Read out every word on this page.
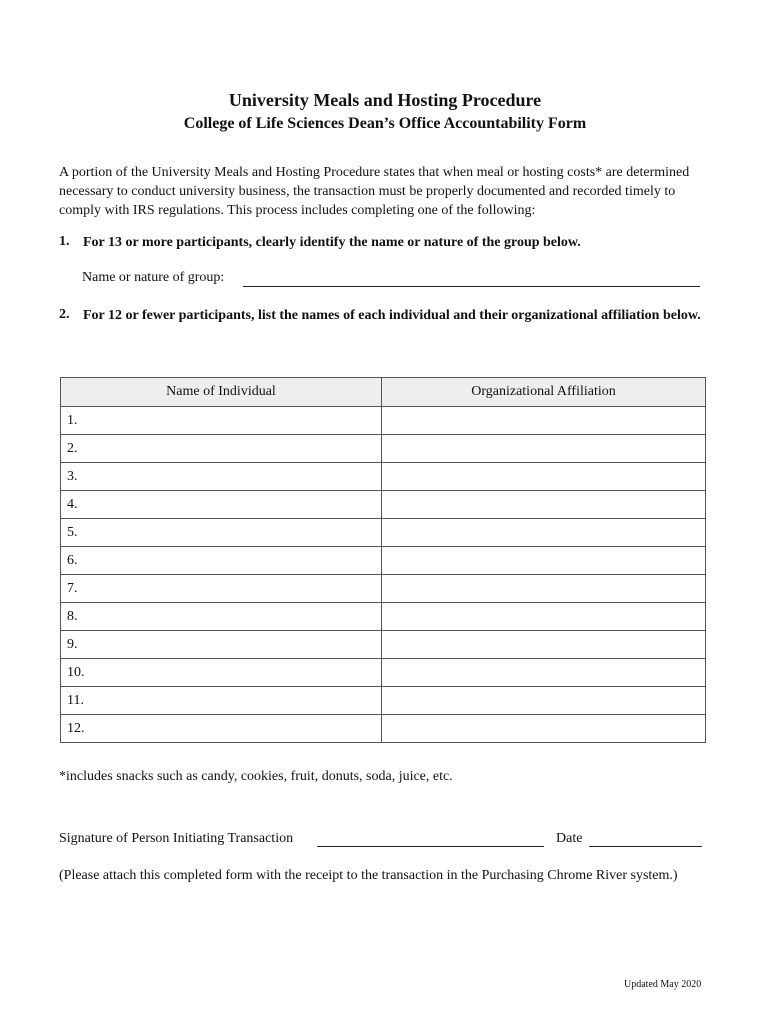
University Meals and Hosting Procedure
College of Life Sciences Dean’s Office Accountability Form

A portion of the University Meals and Hosting Procedure states that when meal or hosting costs* are determined necessary to conduct university business, the transaction must be properly documented and recorded timely to comply with IRS regulations. This process includes completing one of the following:

1. For 13 or more participants, clearly identify the name or nature of the group below.
Name or nature of group:
2. For 12 or fewer participants, list the names of each individual and their organizational affiliation below.
Name of Individual	Organizational Affiliation
1.	
2.	
3.	
4.	
5.	
6.	
7.	
8.	
9.	
10.	
11.	
12.	
*includes snacks such as candy, cookies, fruit, donuts, soda, juice, etc.
Signature of Person Initiating Transaction	Date

(Please attach this completed form with the receipt to the transaction in the Purchasing Chrome River system.)

Updated May 2020
